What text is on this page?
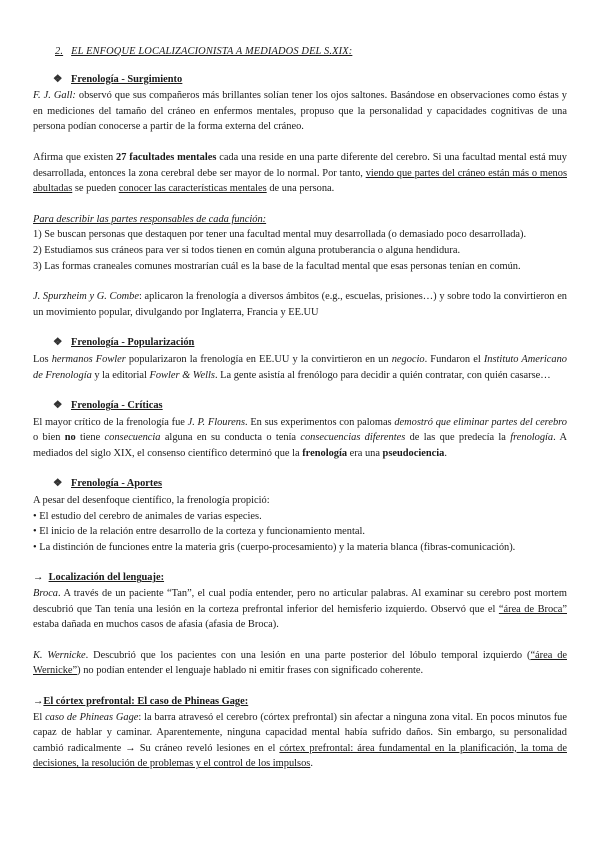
2. EL ENFOQUE LOCALIZACIONISTA A MEDIADOS DEL S.XIX:
❖ Frenología - Surgimiento

F. J. Gall: observó que sus compañeros más brillantes solían tener los ojos saltones. Basándose en observaciones como éstas y en mediciones del tamaño del cráneo en enfermos mentales, propuso que la personalidad y capacidades cognitivas de una persona podían conocerse a partir de la forma externa del cráneo.

Afirma que existen 27 facultades mentales cada una reside en una parte diferente del cerebro. Si una facultad mental está muy desarrollada, entonces la zona cerebral debe ser mayor de lo normal. Por tanto, viendo que partes del cráneo están más o menos abultadas se pueden conocer las características mentales de una persona.

Para describir las partes responsables de cada función:

1) Se buscan personas que destaquen por tener una facultad mental muy desarrollada (o demasiado poco desarrollada).

2) Estudiamos sus cráneos para ver si todos tienen en común alguna protuberancia o alguna hendidura.

3) Las formas craneales comunes mostrarían cuál es la base de la facultad mental que esas personas tenían en común.

J. Spurzheim y G. Combe: aplicaron la frenología a diversos ámbitos (e.g., escuelas, prisiones…) y sobre todo la convirtieron en un movimiento popular, divulgando por Inglaterra, Francia y EE.UU

❖ Frenología - Popularización

Los hermanos Fowler popularizaron la frenología en EE.UU y la convirtieron en un negocio. Fundaron el Instituto Americano de Frenología y la editorial Fowler & Wells. La gente asistía al frenólogo para decidir a quién contratar, con quién casarse…

❖ Frenología - Críticas

El mayor crítico de la frenología fue J. P. Flourens. En sus experimentos con palomas demostró que eliminar partes del cerebro o bien no tiene consecuencia alguna en su conducta o tenía consecuencias diferentes de las que predecía la frenología. A mediados del siglo XIX, el consenso científico determinó que la frenología era una pseudociencia.

❖ Frenología - Aportes

A pesar del desenfoque científico, la frenología propició:

• El estudio del cerebro de animales de varias especies.

• El inicio de la relación entre desarrollo de la corteza y funcionamiento mental.

• La distinción de funciones entre la materia gris (cuerpo-procesamiento) y la materia blanca (fibras-comunicación).

→ Localización del lenguaje:

Broca. A través de un paciente “Tan”, el cual podía entender, pero no articular palabras. Al examinar su cerebro post mortem descubrió que Tan tenía una lesión en la corteza prefrontal inferior del hemisferio izquierdo. Observó que el “área de Broca” estaba dañada en muchos casos de afasia (afasia de Broca).

K. Wernicke. Descubrió que los pacientes con una lesión en una parte posterior del lóbulo temporal izquierdo (“área de Wernicke”) no podían entender el lenguaje hablado ni emitir frases con significado coherente.

→El córtex prefrontal: El caso de Phineas Gage:

El caso de Phineas Gage: la barra atravesó el cerebro (córtex prefrontal) sin afectar a ninguna zona vital. En pocos minutos fue capaz de hablar y caminar. Aparentemente, ninguna capacidad mental había sufrido daños. Sin embargo, su personalidad cambió radicalmente → Su cráneo reveló lesiones en el córtex prefrontal: área fundamental en la planificación, la toma de decisiones, la resolución de problemas y el control de los impulsos.
